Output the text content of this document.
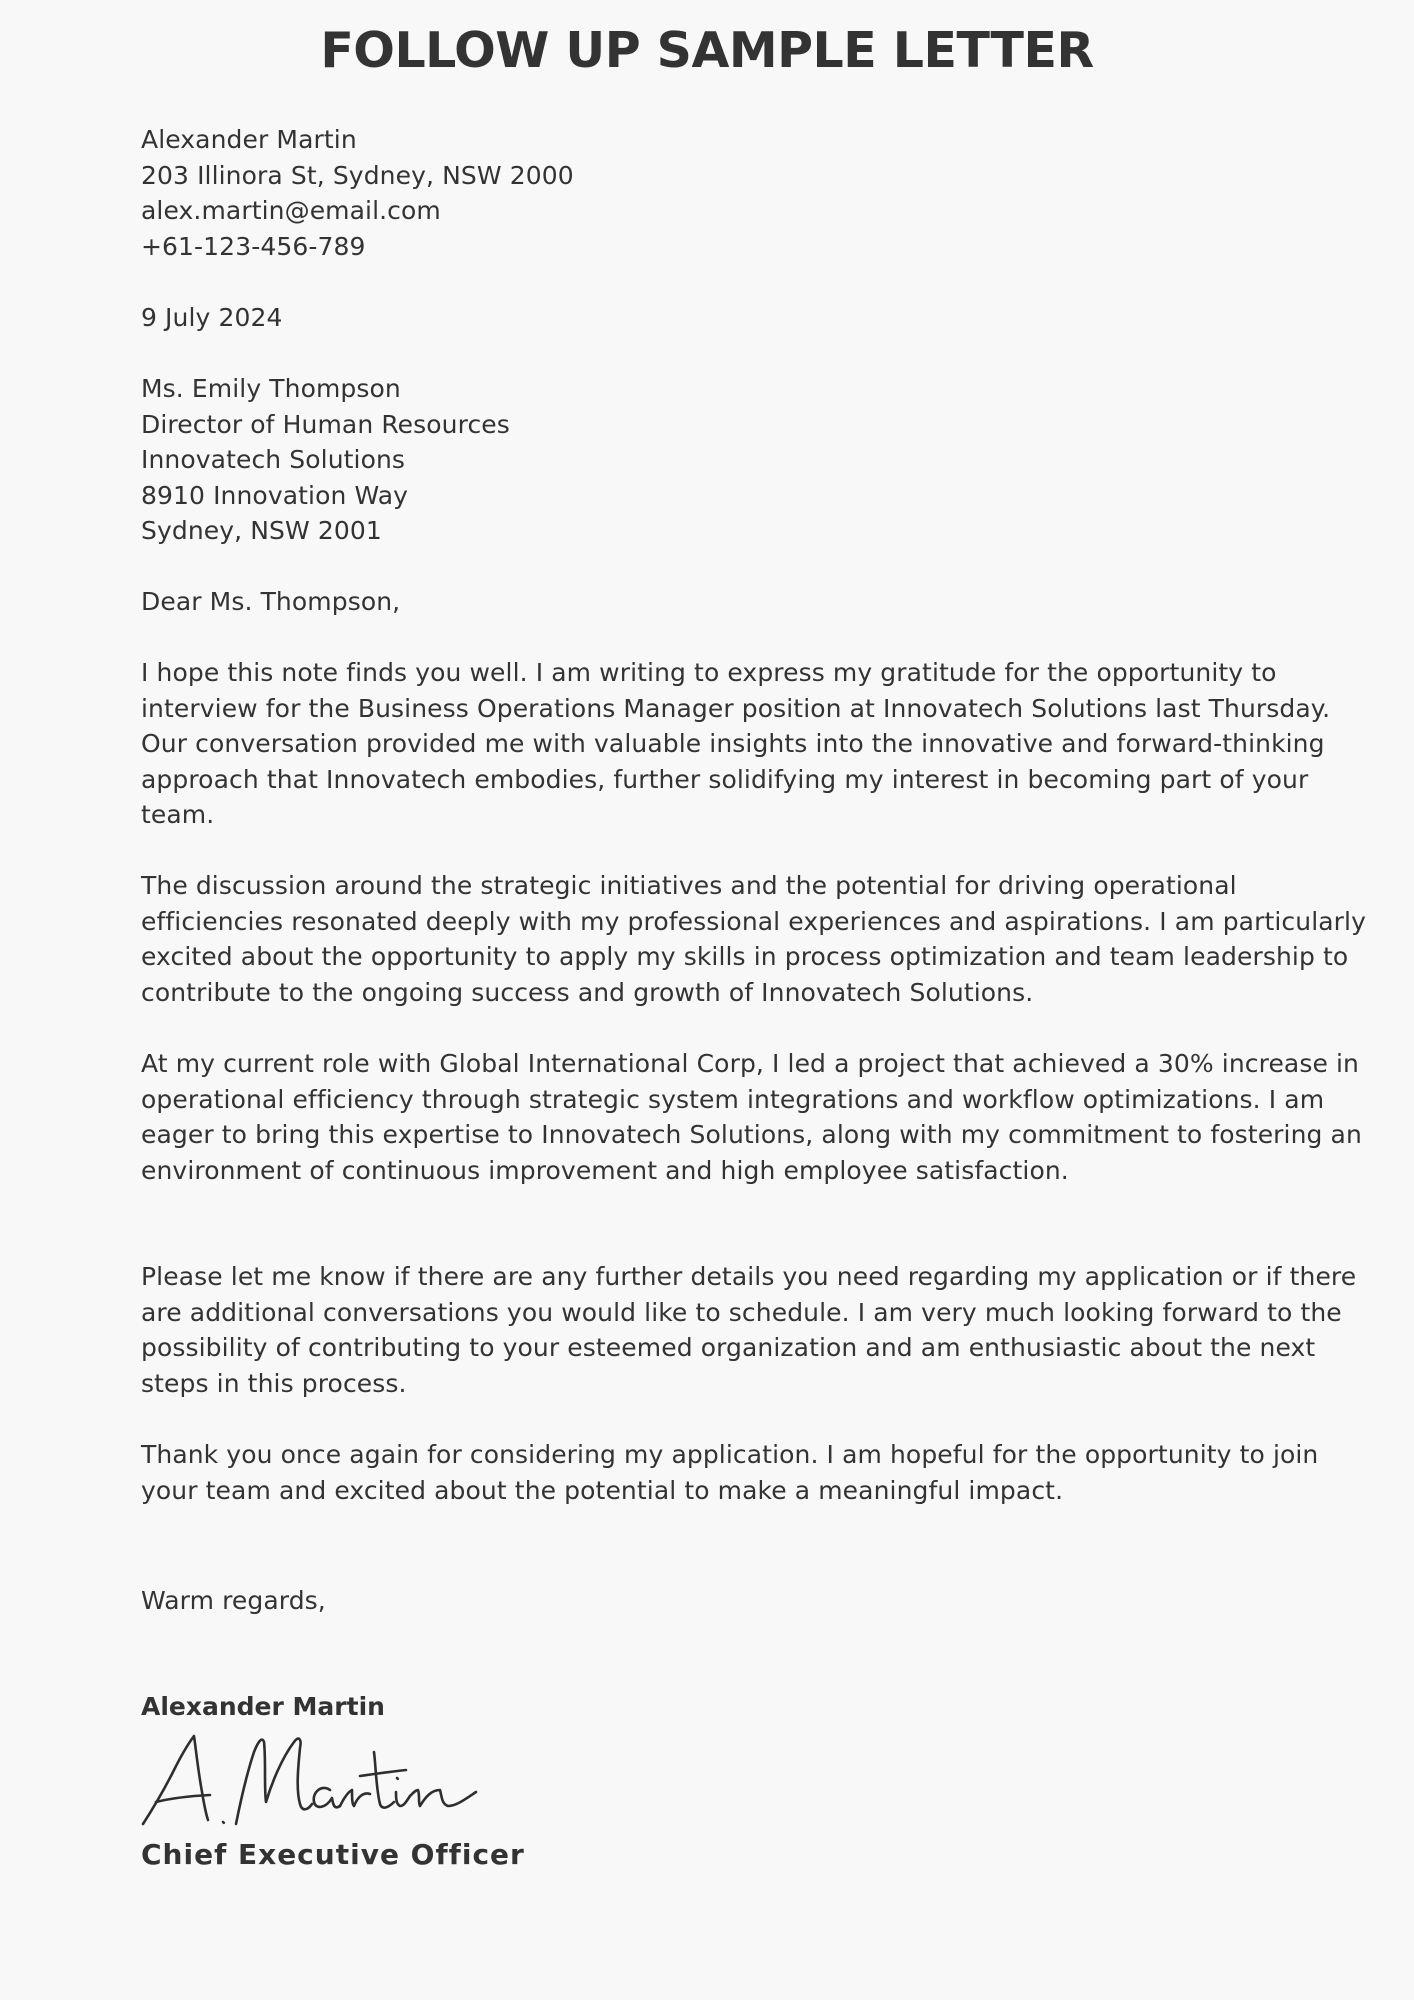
FOLLOW UP SAMPLE LETTER
Alexander Martin
203 Illinora St, Sydney, NSW 2000
alex.martin@email.com
+61-123-456-789
9 July 2024
Ms. Emily Thompson
Director of Human Resources
Innovatech Solutions
8910 Innovation Way
Sydney, NSW 2001
Dear Ms. Thompson,
I hope this note finds you well. I am writing to express my gratitude for the opportunity to interview for the Business Operations Manager position at Innovatech Solutions last Thursday. Our conversation provided me with valuable insights into the innovative and forward-thinking approach that Innovatech embodies, further solidifying my interest in becoming part of your team.
The discussion around the strategic initiatives and the potential for driving operational efficiencies resonated deeply with my professional experiences and aspirations. I am particularly excited about the opportunity to apply my skills in process optimization and team leadership to contribute to the ongoing success and growth of Innovatech Solutions.
At my current role with Global International Corp, I led a project that achieved a 30% increase in operational efficiency through strategic system integrations and workflow optimizations. I am eager to bring this expertise to Innovatech Solutions, along with my commitment to fostering an environment of continuous improvement and high employee satisfaction.
Please let me know if there are any further details you need regarding my application or if there are additional conversations you would like to schedule. I am very much looking forward to the possibility of contributing to your esteemed organization and am enthusiastic about the next steps in this process.
Thank you once again for considering my application. I am hopeful for the opportunity to join your team and excited about the potential to make a meaningful impact.
Warm regards,
Alexander Martin
Chief Executive Officer
